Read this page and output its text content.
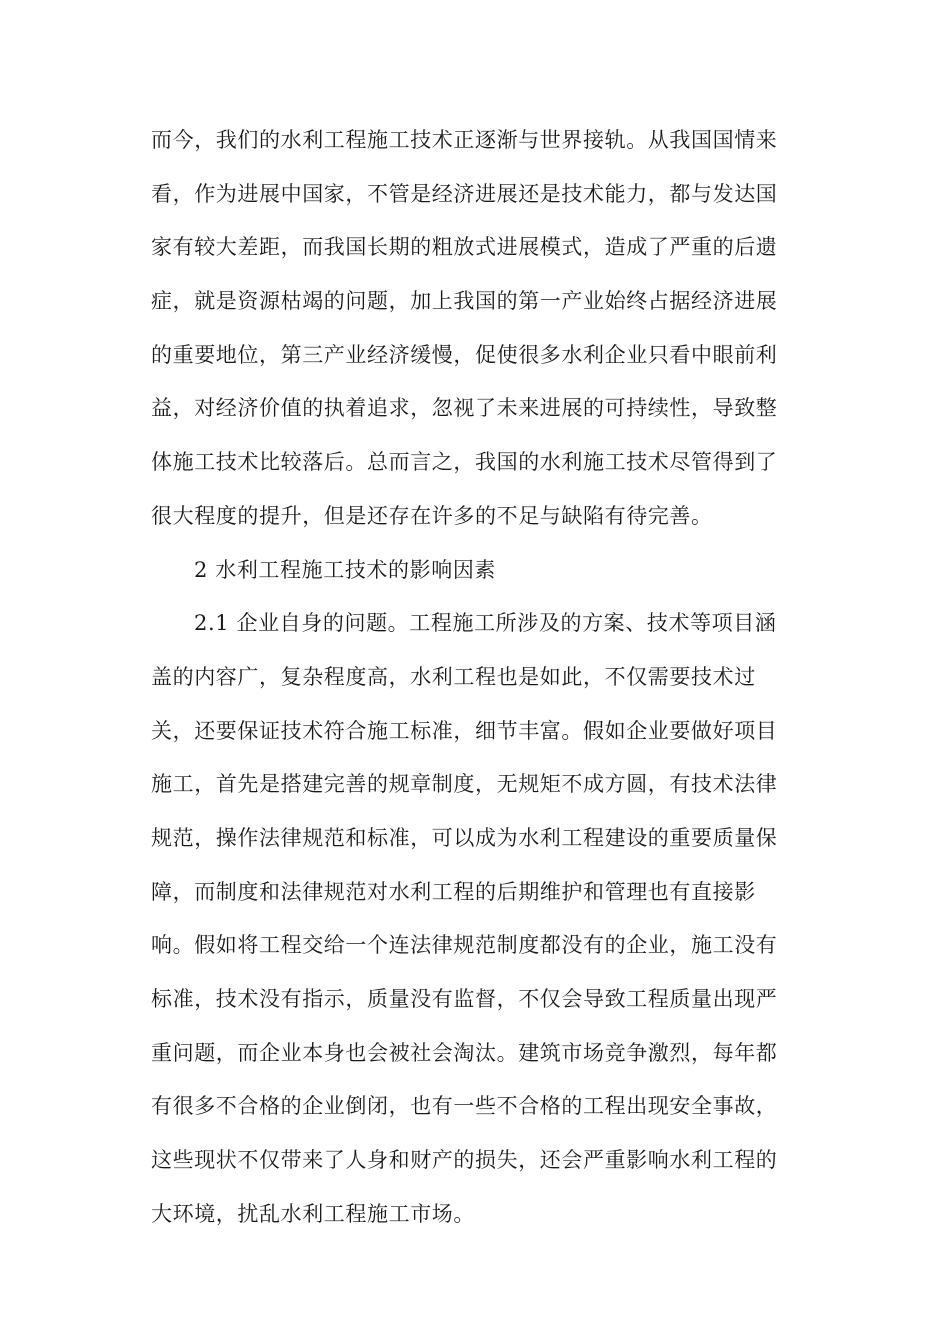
而今，我们的水利工程施工技术正逐渐与世界接轨。从我国国情来
看，作为进展中国家，不管是经济进展还是技术能力，都与发达国
家有较大差距，而我国长期的粗放式进展模式，造成了严重的后遗
症，就是资源枯竭的问题，加上我国的第一产业始终占据经济进展
的重要地位，第三产业经济缓慢，促使很多水利企业只看中眼前利
益，对经济价值的执着追求，忽视了未来进展的可持续性，导致整
体施工技术比较落后。总而言之，我国的水利施工技术尽管得到了
很大程度的提升，但是还存在许多的不足与缺陷有待完善。
2 水利工程施工技术的影响因素
2.1 企业自身的问题。工程施工所涉及的方案、技术等项目涵
盖的内容广，复杂程度高，水利工程也是如此，不仅需要技术过
关，还要保证技术符合施工标准，细节丰富。假如企业要做好项目
施工，首先是搭建完善的规章制度，无规矩不成方圆，有技术法律
规范，操作法律规范和标准，可以成为水利工程建设的重要质量保
障，而制度和法律规范对水利工程的后期维护和管理也有直接影
响。假如将工程交给一个连法律规范制度都没有的企业，施工没有
标准，技术没有指示，质量没有监督，不仅会导致工程质量出现严
重问题，而企业本身也会被社会淘汰。建筑市场竞争激烈，每年都
有很多不合格的企业倒闭，也有一些不合格的工程出现安全事故，
这些现状不仅带来了人身和财产的损失，还会严重影响水利工程的
大环境，扰乱水利工程施工市场。
